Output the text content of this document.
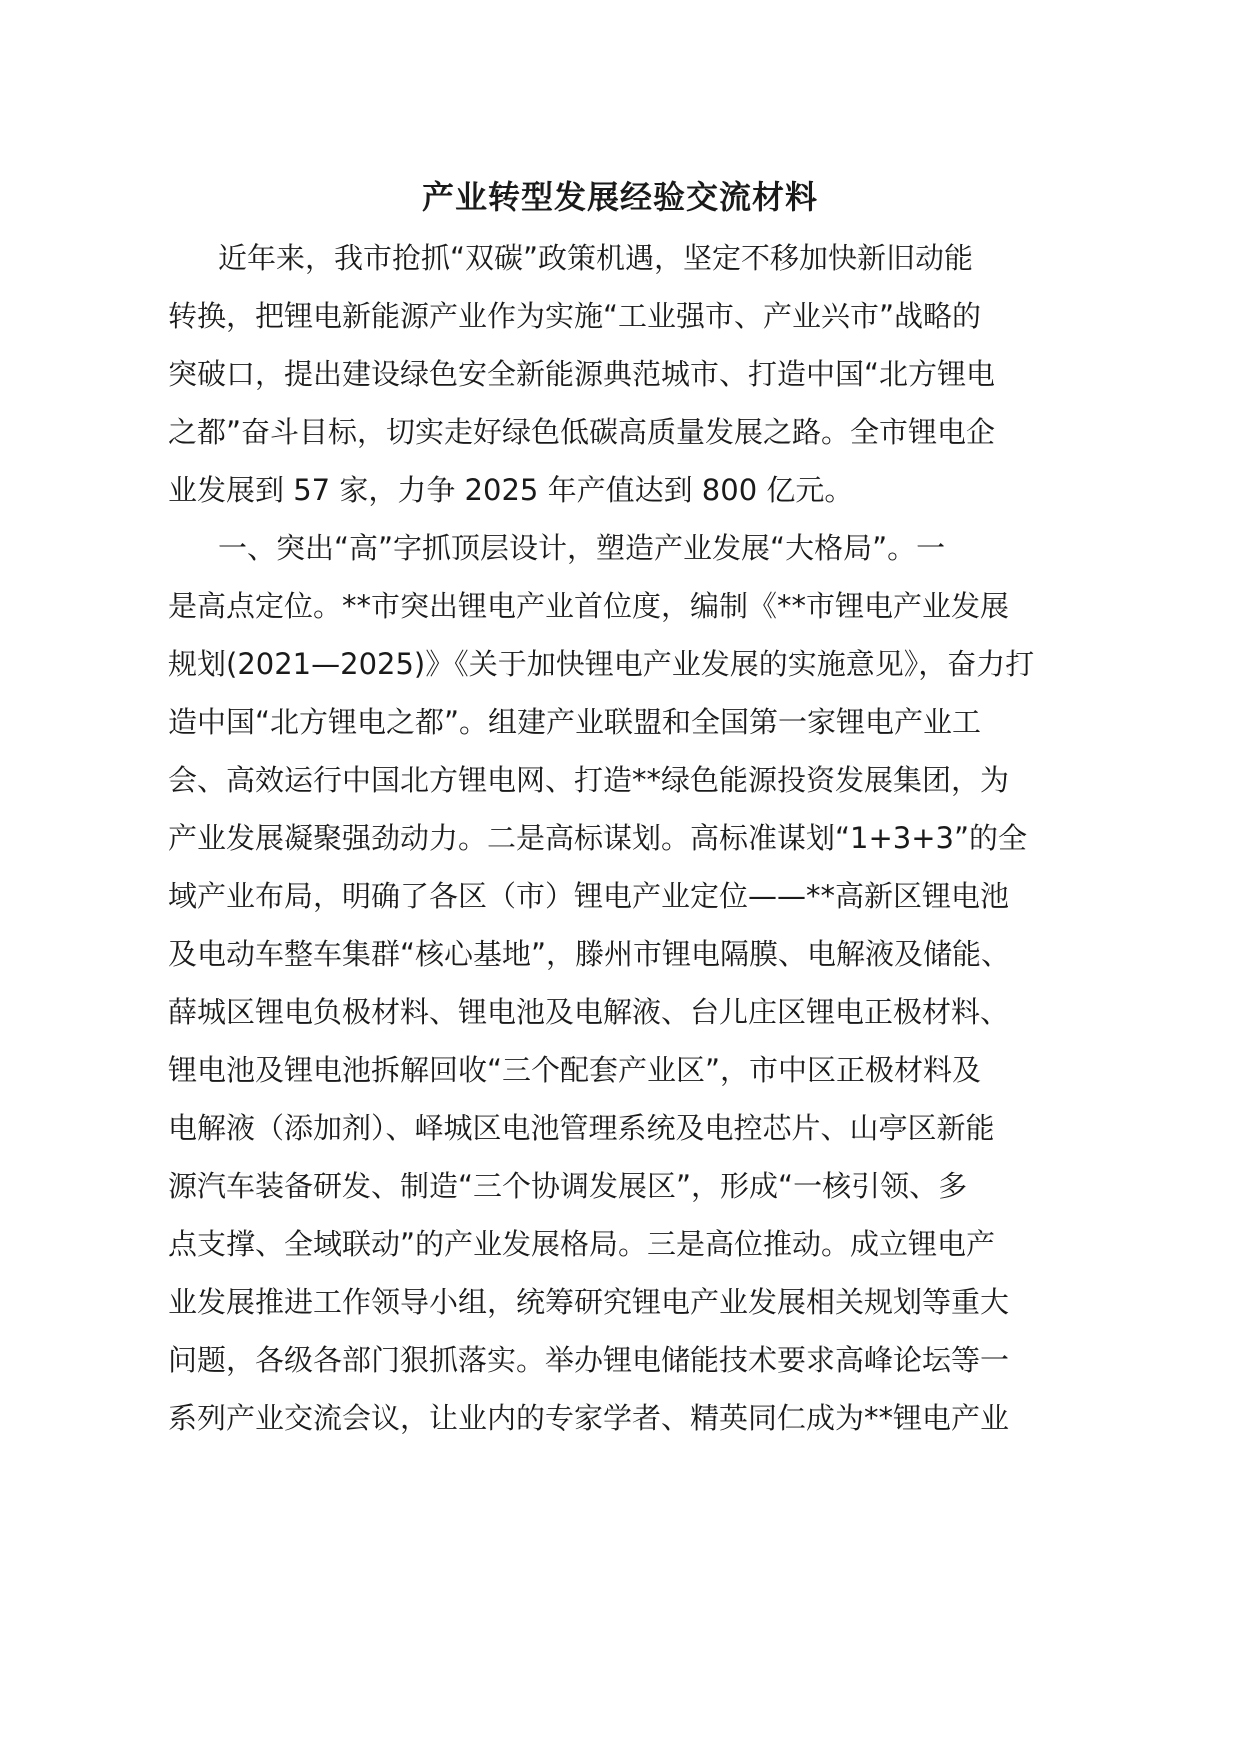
产业转型发展经验交流材料
近年来，我市抢抓“双碳”政策机遇，坚定不移加快新旧动能
转换，把锂电新能源产业作为实施“工业强市、产业兴市”战略的
突破口，提出建设绿色安全新能源典范城市、打造中国“北方锂电
之都”奋斗目标，切实走好绿色低碳高质量发展之路。全市锂电企
业发展到 57 家，力争 2025 年产值达到 800 亿元。
一、突出“高”字抓顶层设计，塑造产业发展“大格局”。一
是高点定位。**市突出锂电产业首位度，编制《**市锂电产业发展
规划(2021—2025)》《关于加快锂电产业发展的实施意见》，奋力打
造中国“北方锂电之都”。组建产业联盟和全国第一家锂电产业工
会、高效运行中国北方锂电网、打造**绿色能源投资发展集团，为
产业发展凝聚强劲动力。二是高标谋划。高标准谋划“1+3+3”的全
域产业布局，明确了各区（市）锂电产业定位——**高新区锂电池
及电动车整车集群“核心基地”，滕州市锂电隔膜、电解液及储能、
薛城区锂电负极材料、锂电池及电解液、台儿庄区锂电正极材料、
锂电池及锂电池拆解回收“三个配套产业区”，市中区正极材料及
电解液（添加剂）、峄城区电池管理系统及电控芯片、山亭区新能
源汽车装备研发、制造“三个协调发展区”，形成“一核引领、多
点支撑、全域联动”的产业发展格局。三是高位推动。成立锂电产
业发展推进工作领导小组，统筹研究锂电产业发展相关规划等重大
问题，各级各部门狠抓落实。举办锂电储能技术要求高峰论坛等一
系列产业交流会议，让业内的专家学者、精英同仁成为**锂电产业
